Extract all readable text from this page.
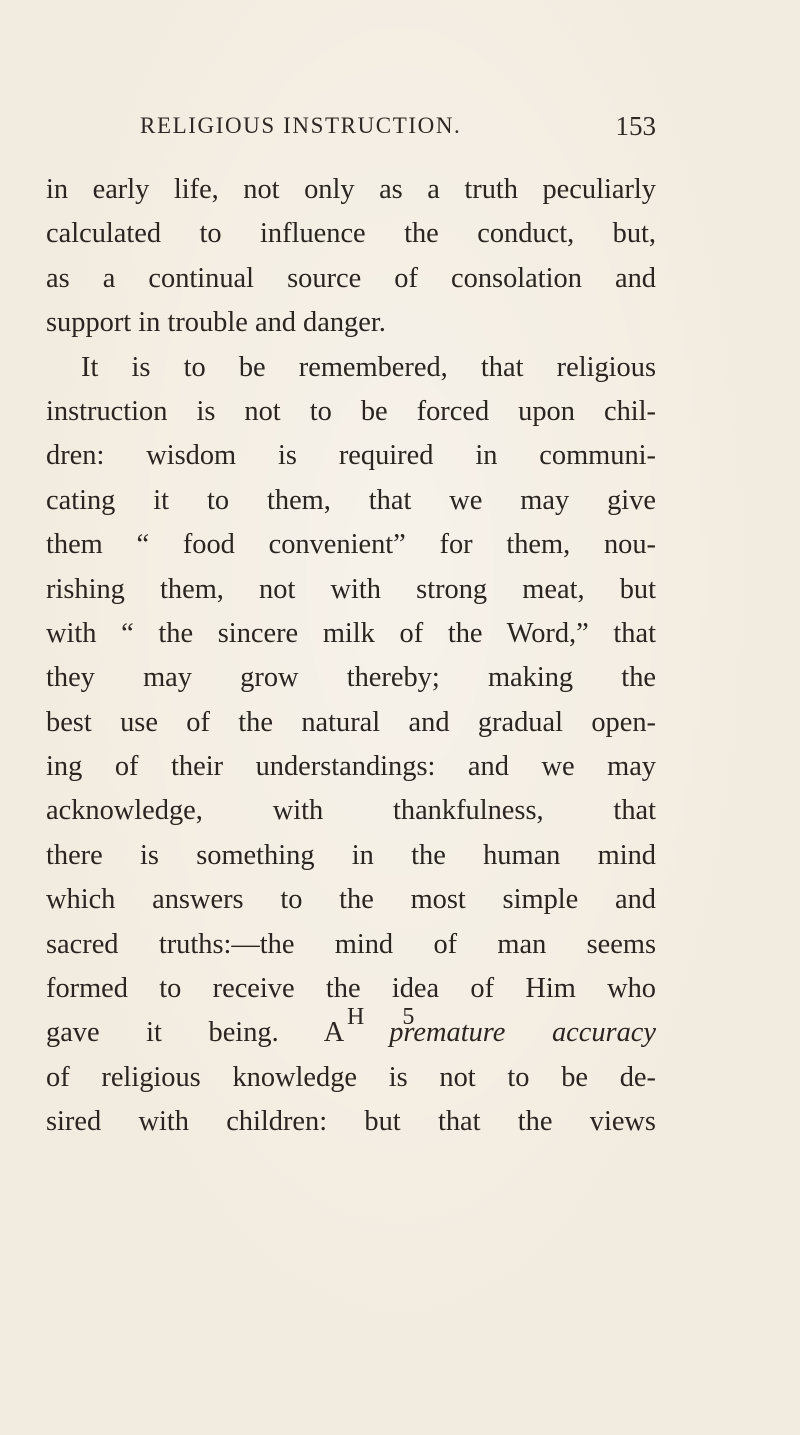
RELIGIOUS INSTRUCTION.	153
in early life, not only as a truth peculiarly
calculated to influence the conduct, but,
as a continual source of consolation and
support in trouble and danger.
It is to be remembered, that religious
instruction is not to be forced upon chil-
dren: wisdom is required in communi-
cating it to them, that we may give
them “ food convenient” for them, nou-
rishing them, not with strong meat, but
with “ the sincere milk of the Word,” that
they may grow thereby; making the
best use of the natural and gradual open-
ing of their understandings: and we may
acknowledge, with thankfulness, that
there is something in the human mind
which answers to the most simple and
sacred truths:—the mind of man seems
formed to receive the idea of Him who
gave it being. A premature accuracy
of religious knowledge is not to be de-
sired with children: but that the views
H 5
